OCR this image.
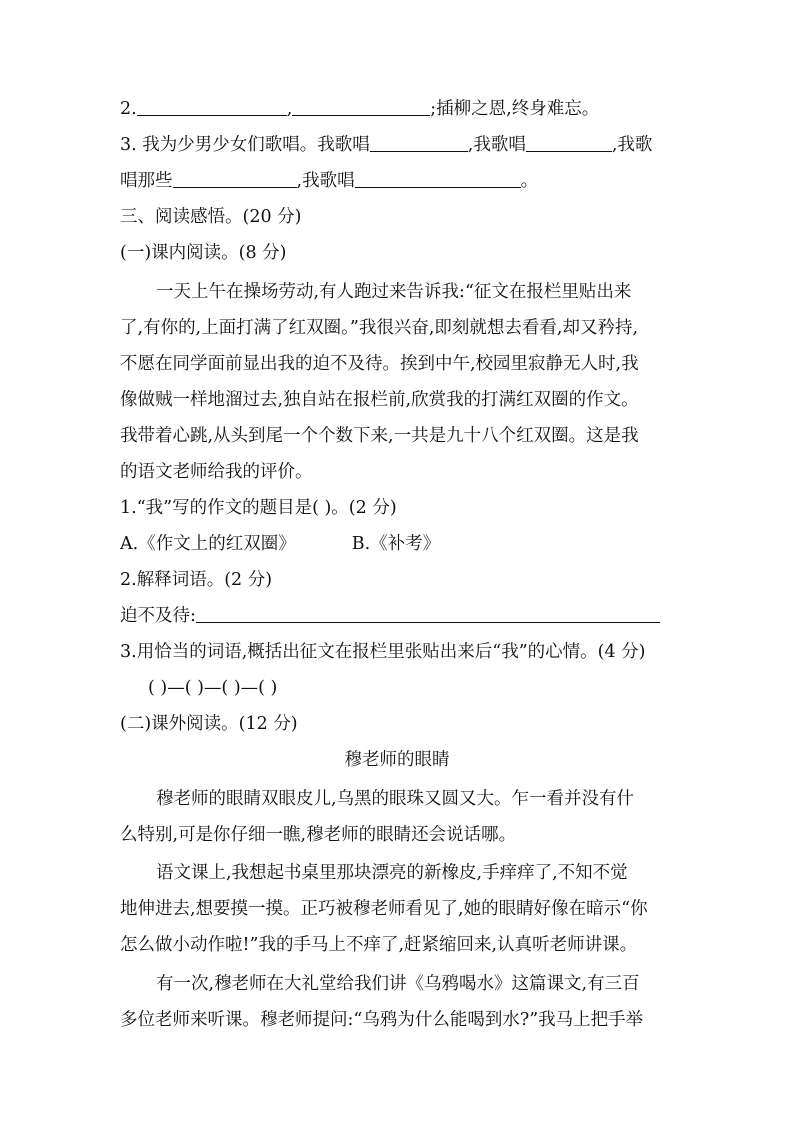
2.	,	;插柳之恩,终身难忘。
3. 我为少男少女们歌唱。我歌唱	,我歌唱	,我歌
唱那些	,我歌唱	。
三、阅读感悟。(20 分)
(一)课内阅读。(8 分)
一天上午在操场劳动,有人跑过来告诉我:“征文在报栏里贴出来
了,有你的,上面打满了红双圈。”我很兴奋,即刻就想去看看,却又矜持,
不愿在同学面前显出我的迫不及待。挨到中午,校园里寂静无人时,我
像做贼一样地溜过去,独自站在报栏前,欣赏我的打满红双圈的作文。
我带着心跳,从头到尾一个个数下来,一共是九十八个红双圈。这是我
的语文老师给我的评价。
1.“我”写的作文的题目是( )。(2 分)
A.《作文上的红双圈》	B.《补考》
2.解释词语。(2 分)
迫不及待:
3.用恰当的词语,概括出征文在报栏里张贴出来后“我”的心情。(4 分)
( )—( )—( )—( )
(二)课外阅读。(12 分)
穆老师的眼睛
穆老师的眼睛双眼皮儿,乌黑的眼珠又圆又大。乍一看并没有什
么特别,可是你仔细一瞧,穆老师的眼睛还会说话哪。
语文课上,我想起书桌里那块漂亮的新橡皮,手痒痒了,不知不觉
地伸进去,想要摸一摸。正巧被穆老师看见了,她的眼睛好像在暗示“你
怎么做小动作啦!”我的手马上不痒了,赶紧缩回来,认真听老师讲课。
有一次,穆老师在大礼堂给我们讲《乌鸦喝水》这篇课文,有三百
多位老师来听课。穆老师提问:“乌鸦为什么能喝到水?”我马上把手举
